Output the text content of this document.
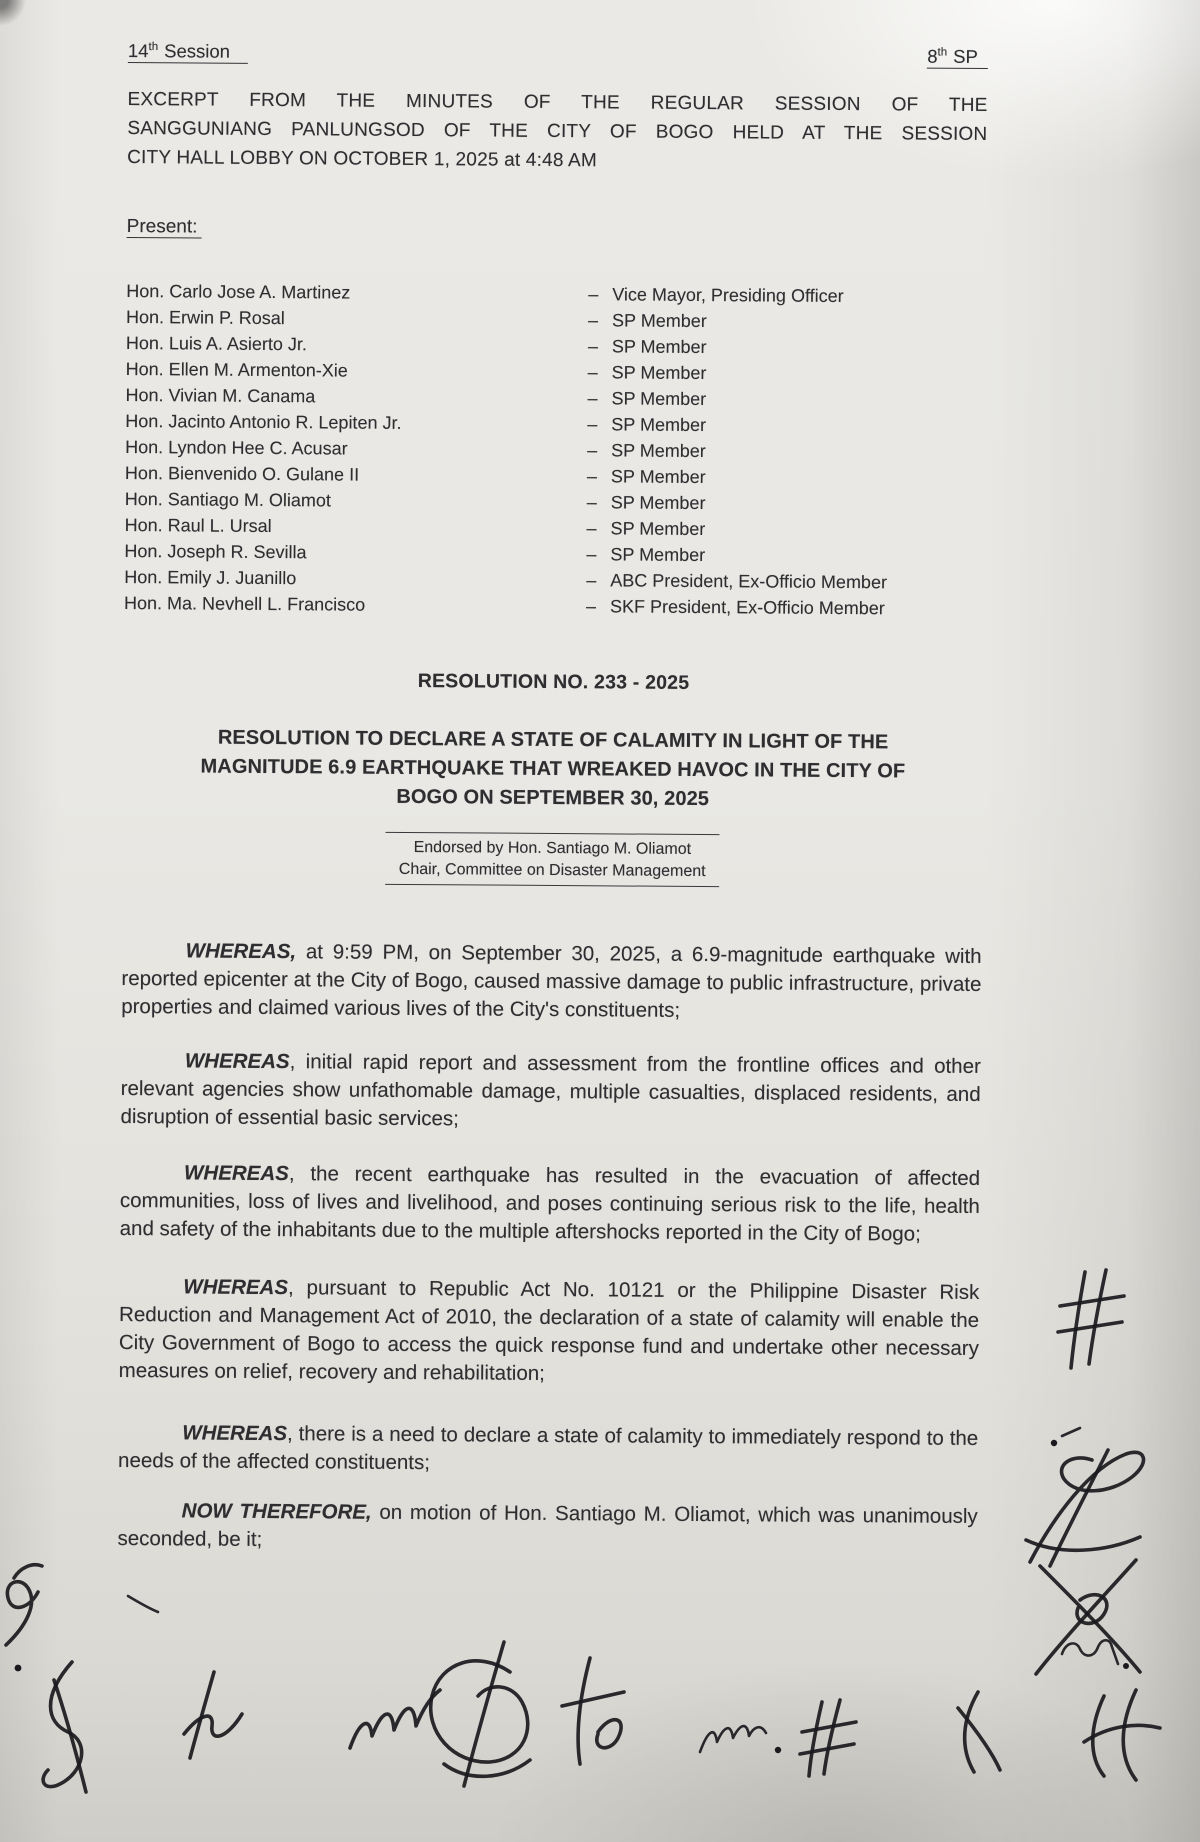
14th Session	8th SP
EXCERPT FROM THE MINUTES OF THE REGULAR SESSION OF THE
SANGGUNIANG PANLUNGSOD OF THE CITY OF BOGO HELD AT THE SESSION
CITY HALL LOBBY ON OCTOBER 1, 2025 at 4:48 AM
Present:
Hon. Carlo Jose A. Martinez	– Vice Mayor, Presiding Officer
Hon. Erwin P. Rosal	– SP Member
Hon. Luis A. Asierto Jr.	– SP Member
Hon. Ellen M. Armenton-Xie	– SP Member
Hon. Vivian M. Canama	– SP Member
Hon. Jacinto Antonio R. Lepiten Jr.	– SP Member
Hon. Lyndon Hee C. Acusar	– SP Member
Hon. Bienvenido O. Gulane II	– SP Member
Hon. Santiago M. Oliamot	– SP Member
Hon. Raul L. Ursal	– SP Member
Hon. Joseph R. Sevilla	– SP Member
Hon. Emily J. Juanillo	– ABC President, Ex-Officio Member
Hon. Ma. Nevhell L. Francisco	– SKF President, Ex-Officio Member
RESOLUTION NO. 233 - 2025
RESOLUTION TO DECLARE A STATE OF CALAMITY IN LIGHT OF THE
MAGNITUDE 6.9 EARTHQUAKE THAT WREAKED HAVOC IN THE CITY OF
BOGO ON SEPTEMBER 30, 2025
Endorsed by Hon. Santiago M. Oliamot
Chair, Committee on Disaster Management
WHEREAS, at 9:59 PM, on September 30, 2025, a 6.9-magnitude earthquake with reported epicenter at the City of Bogo, caused massive damage to public infrastructure, private properties and claimed various lives of the City's constituents;
WHEREAS, initial rapid report and assessment from the frontline offices and other relevant agencies show unfathomable damage, multiple casualties, displaced residents, and disruption of essential basic services;
WHEREAS, the recent earthquake has resulted in the evacuation of affected communities, loss of lives and livelihood, and poses continuing serious risk to the life, health and safety of the inhabitants due to the multiple aftershocks reported in the City of Bogo;
WHEREAS, pursuant to Republic Act No. 10121 or the Philippine Disaster Risk Reduction and Management Act of 2010, the declaration of a state of calamity will enable the City Government of Bogo to access the quick response fund and undertake other necessary measures on relief, recovery and rehabilitation;
WHEREAS, there is a need to declare a state of calamity to immediately respond to the needs of the affected constituents;
NOW THEREFORE, on motion of Hon. Santiago M. Oliamot, which was unanimously seconded, be it;
